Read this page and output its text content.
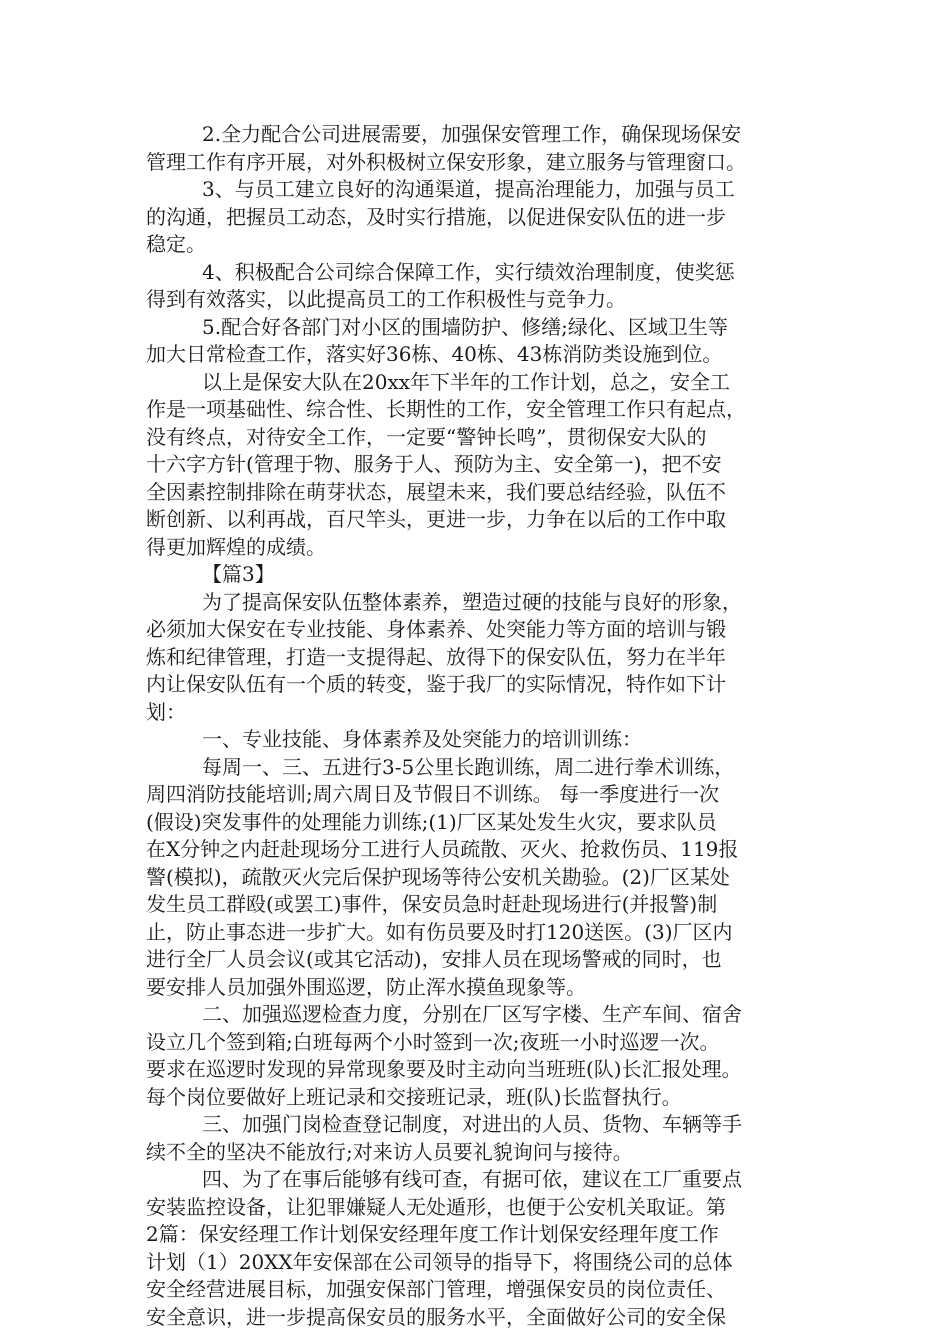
2.全力配合公司进展需要，加强保安管理工作，确保现场保安
管理工作有序开展，对外积极树立保安形象，建立服务与管理窗口。
3、与员工建立良好的沟通渠道，提高治理能力，加强与员工
的沟通，把握员工动态，及时实行措施，以促进保安队伍的进一步
稳定。
4、积极配合公司综合保障工作，实行绩效治理制度，使奖惩
得到有效落实，以此提高员工的工作积极性与竞争力。
5.配合好各部门对小区的围墙防护、修缮;绿化、区域卫生等
加大日常检查工作，落实好36栋、40栋、43栋消防类设施到位。
以上是保安大队在20xx年下半年的工作计划，总之，安全工
作是一项基础性、综合性、长期性的工作，安全管理工作只有起点，
没有终点，对待安全工作，一定要“警钟长鸣”，贯彻保安大队的
十六字方针(管理于物、服务于人、预防为主、安全第一)，把不安
全因素控制排除在萌芽状态，展望未来，我们要总结经验，队伍不
断创新、以利再战，百尺竿头，更进一步，力争在以后的工作中取
得更加辉煌的成绩。
【篇3】
为了提高保安队伍整体素养，塑造过硬的技能与良好的形象，
必须加大保安在专业技能、身体素养、处突能力等方面的培训与锻
炼和纪律管理，打造一支提得起、放得下的保安队伍，努力在半年
内让保安队伍有一个质的转变，鉴于我厂的实际情况，特作如下计
划：
一、专业技能、身体素养及处突能力的培训训练：
每周一、三、五进行3-5公里长跑训练，周二进行拳术训练，
周四消防技能培训;周六周日及节假日不训练。 每一季度进行一次
(假设)突发事件的处理能力训练;(1)厂区某处发生火灾，要求队员
在X分钟之内赶赴现场分工进行人员疏散、灭火、抢救伤员、119报
警(模拟)，疏散灭火完后保护现场等待公安机关勘验。(2)厂区某处
发生员工群殴(或罢工)事件，保安员急时赶赴现场进行(并报警)制
止，防止事态进一步扩大。如有伤员要及时打120送医。(3)厂区内
进行全厂人员会议(或其它活动)，安排人员在现场警戒的同时，也
要安排人员加强外围巡逻，防止浑水摸鱼现象等。
二、加强巡逻检查力度，分别在厂区写字楼、生产车间、宿舍
设立几个签到箱;白班每两个小时签到一次;夜班一小时巡逻一次。
要求在巡逻时发现的异常现象要及时主动向当班班(队)长汇报处理。
每个岗位要做好上班记录和交接班记录，班(队)长监督执行。
三、加强门岗检查登记制度，对进出的人员、货物、车辆等手
续不全的坚决不能放行;对来访人员要礼貌询问与接待。
四、为了在事后能够有线可查，有据可依，建议在工厂重要点
安装监控设备，让犯罪嫌疑人无处遁形，也便于公安机关取证。第
2篇：保安经理工作计划保安经理年度工作计划保安经理年度工作
计划（1）20XX年安保部在公司领导的指导下，将围绕公司的总体
安全经营进展目标，加强安保部门管理，增强保安员的岗位责任、
安全意识，进一步提高保安员的服务水平，全面做好公司的安全保
